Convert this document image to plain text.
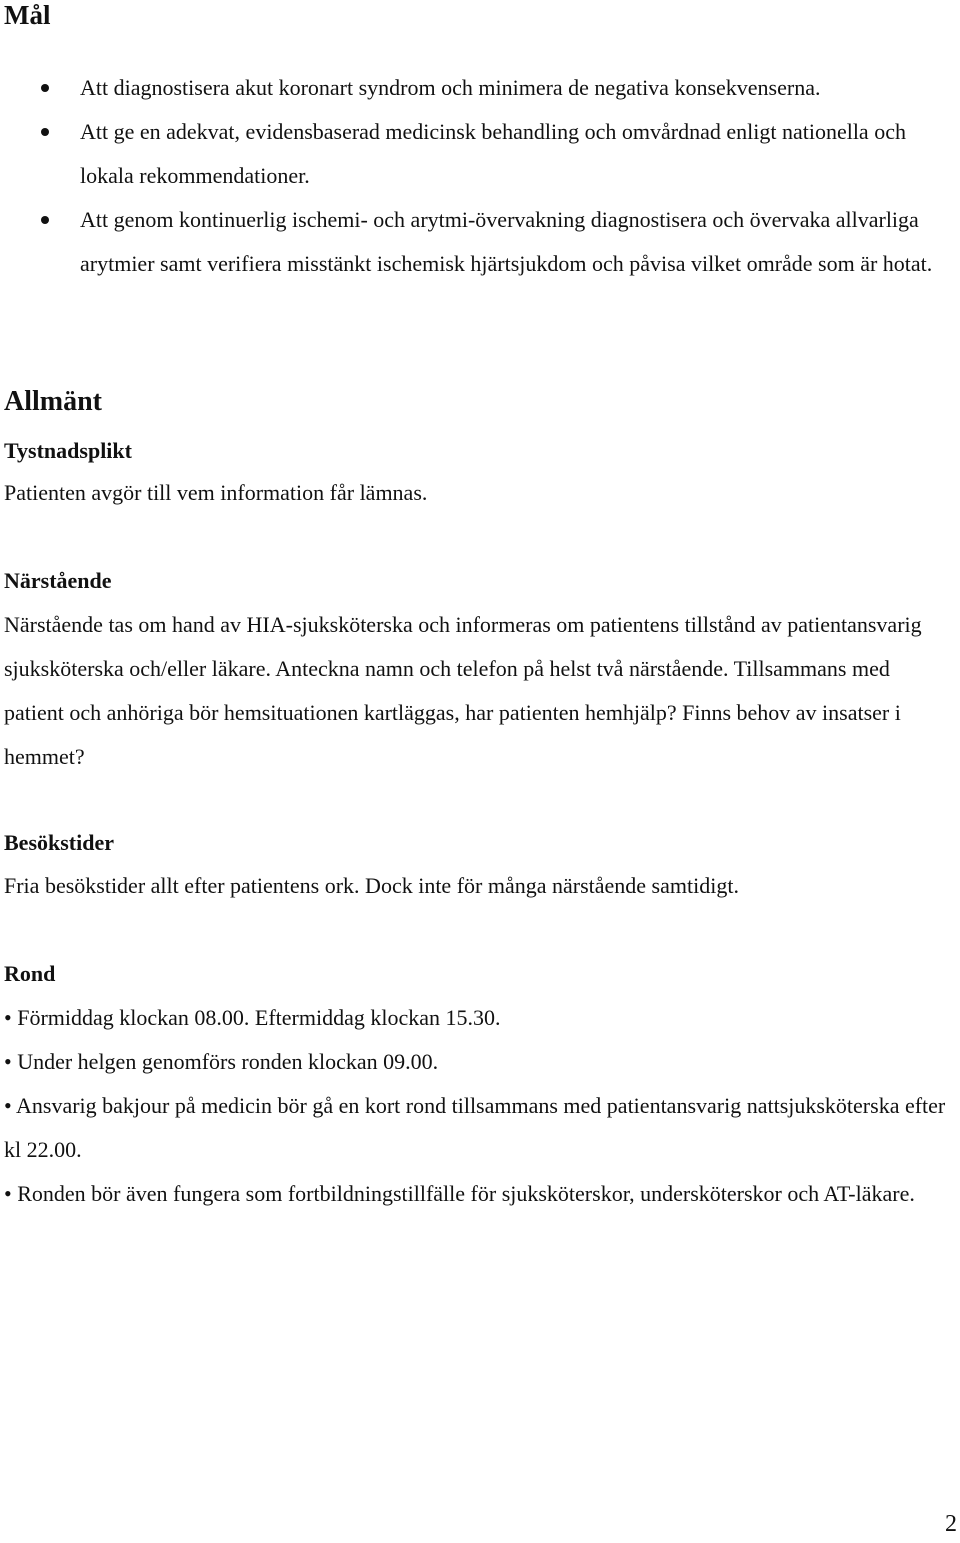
Mål
Att diagnostisera akut koronart syndrom och minimera de negativa konsekvenserna.
Att ge en adekvat, evidensbaserad medicinsk behandling och omvårdnad enligt nationella och lokala rekommendationer.
Att genom kontinuerlig ischemi- och arytmi-övervakning diagnostisera och övervaka allvarliga arytmier samt verifiera misstänkt ischemisk hjärtsjukdom och påvisa vilket område som är hotat.
Allmänt
Tystnadsplikt

Patienten avgör till vem information får lämnas.

Närstående

Närstående tas om hand av HIA-sjuksköterska och informeras om patientens tillstånd av patientansvarig sjuksköterska och/eller läkare. Anteckna namn och telefon på helst två närstående. Tillsammans med patient och anhöriga bör hemsituationen kartläggas, har patienten hemhjälp? Finns behov av insatser i hemmet?

Besökstider

Fria besökstider allt efter patientens ork. Dock inte för många närstående samtidigt.

Rond
• Förmiddag klockan 08.00. Eftermiddag klockan 15.30.
• Under helgen genomförs ronden klockan 09.00.
• Ansvarig bakjour på medicin bör gå en kort rond tillsammans med patientansvarig nattsjuksköterska efter kl 22.00.
• Ronden bör även fungera som fortbildningstillfälle för sjuksköterskor, undersköterskor och AT-läkare.
2
